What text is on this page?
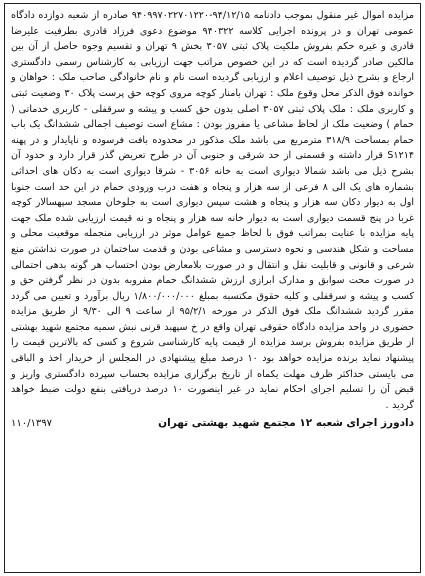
مزایده اموال غیر منقول بموجب دادنامه ۹۴/۱۲/۱۵-۹۴۰۹۹۷۰۲۲۷۰۱۲۲۰ صادره از شعبه دوازده دادگاه عمومی تهران و در پرونده اجرایی کلاسه ۹۴۰۳۲۲ موضوع دعوی فرزاد قادری بطرفیت علیرضا قادری و غیره حکم بفروش ملکیت پلاک ثبتی ۳۰۵۷ بخش ۹ تهران و تقسیم وجوه حاصل از آن بین مالکین صادر گردیده است که در این خصوص مراتب جهت ارزیابی به کارشناس رسمی دادگستری ارجاع و بشرح ذیل توصیف اعلام و ارزیابی گردیده است نام و نام خانوادگی صاحب ملک : خواهان و خوانده فوق الذکر محل وقوع ملک : تهران بامنار کوچه مروی کوچه حق پرست پلاک ۳۰ وضعیت ثبتی و کاربری ملک : ملک پلاک ثبتی ۳۰۵۷ اصلی بدون حق کسب و پیشه و سرقفلی - کاربری خدماتی ( حمام ) وضعیت ملک از لحاظ مشاعی یا مفروز بودن : مشاع است توصیف اجمالی ششدانگ یک باب حمام بمساحت ۳۱۸/۹ مترمربع می باشد ملک مذکور در محدوده بافت فرسوده و ناپایدار و در پهنه S۱۲۱۴ قرار داشته و قسمتی از حد شرقی و جنوبی آن در طرح تعریض گذر قرار دارد و حدود آن بشرح ذیل می باشد شمالا دیواری است به خانه ۳۰۵۶ - شرقا دیواری است به دکان های احداثی بشماره های یک الی ۸ فرعی از سه هزار و پنجاه و هفت درب ورودی حمام در این حد است جنوبا اول به دیوار دکان سه هزار و پنجاه و هشت سپس دیواری است به جلوخان مسجد سپهسالار کوچه غربا در پنج قسمت دیواری است به دیوار خانه سه هزار و پنجاه و نه قیمت ارزیابی شده ملک جهت پایه مزایده با عنایت بمراتب فوق با لحاظ جمیع عوامل موثر در ارزیابی منجمله موقعیت محلی و مساحت و شکل هندسی و نحوه دسترسی و مشاعی بودن و قدمت ساختمان در صورت نداشتن منع شرعی و قانونی و قابلیت نقل و انتقال و در صورت بلامعارض بودن احتساب هر گونه بدهی احتمالی در صورت محت سوابق و مدارک ابرازی ارزش ششدانگ حمام مفروبه بدون در نظر گرفتن حق و کسب و پیشه و سرقفلی و کلیه حقوق مکتسبه بمبلغ ۱/۸۰۰/۰۰۰/۰۰۰ ریال برآورد و تعیین می گردد مقرر گردید ششدانگ ملک فوق الذکر در مورخه ۹۵/۲/۱ از ساعت ۹ الی ۹/۳۰ از طریق مزایده حضوری در واحد مزایده دادگاه حقوقی تهران واقع در خ سپهبد قرنی نبش سمیه مجتمع شهید بهشتی از طریق مزایده بفروش برسد مزایده از قیمت پایه کارشناسی شروع و کسی که بالاترین قیمت را پیشنهاد نماید برنده مزایده خواهد بود ۱۰ درصد مبلغ پیشنهادی در المجلس از خریدار اخذ و الباقی می بایستی حداکثر ظرف مهلت یکماه از تاریخ برگزاری مزایده بحساب سپرده دادگستری واریز و قبض آن را تسلیم اجرای احکام نماید در غیر اینصورت ۱۰ درصد دریافتی بنفع دولت ضبط خواهد گردید .

دادورز اجرای شعبه ۱۲ مجتمع شهید بهشتی تهران
۱۱۰/۱۳۹۷
